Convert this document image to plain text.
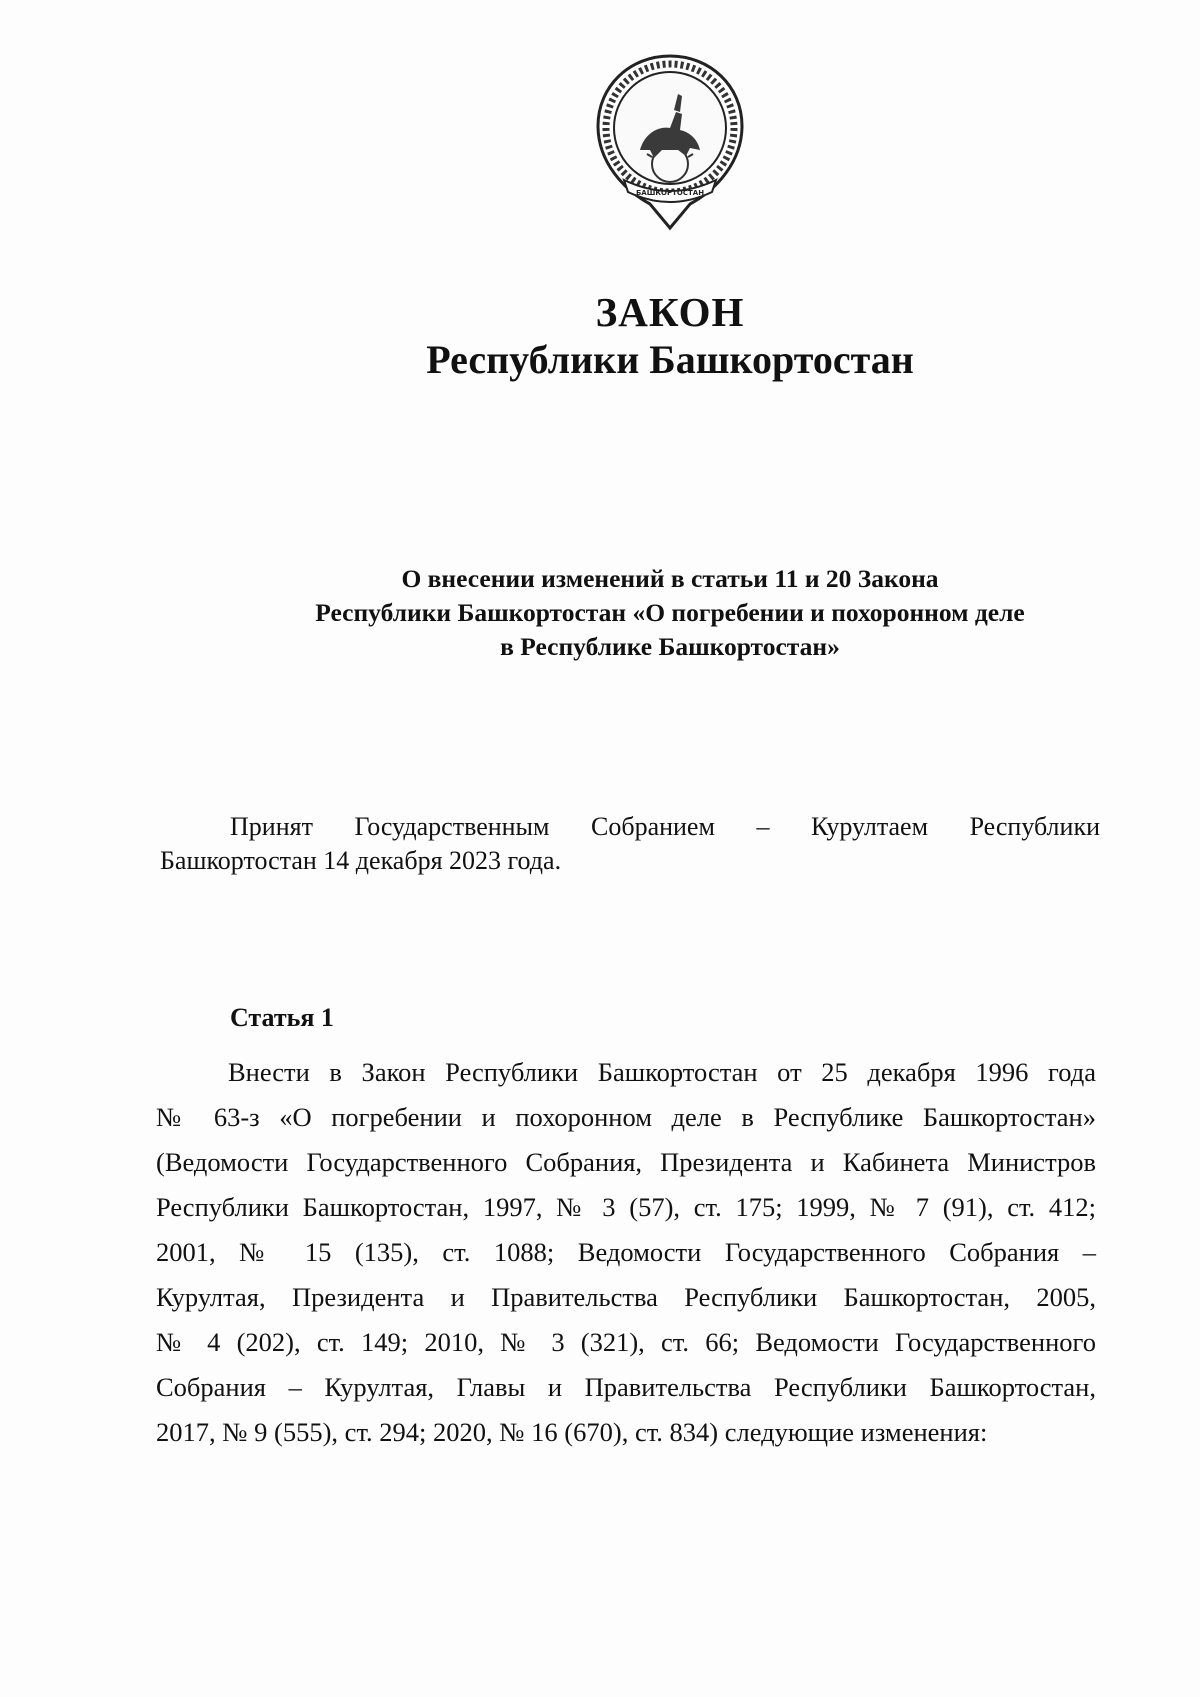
БАШКОРТОСТАН
ЗАКОН
Республики Башкортостан
О внесении изменений в статьи 11 и 20 Закона
Республики Башкортостан «О погребении и похоронном деле
в Республике Башкортостан»
Принят Государственным Собранием – Курултаем Республики
Башкортостан 14 декабря 2023 года.
Статья 1
Внести в Закон Республики Башкортостан от 25 декабря 1996 года
№ 63-з «О погребении и похоронном деле в Республике Башкортостан»
(Ведомости Государственного Собрания, Президента и Кабинета Министров
Республики Башкортостан, 1997, № 3 (57), ст. 175; 1999, № 7 (91), ст. 412;
2001, № 15 (135), ст. 1088; Ведомости Государственного Собрания –
Курултая, Президента и Правительства Республики Башкортостан, 2005,
№ 4 (202), ст. 149; 2010, № 3 (321), ст. 66; Ведомости Государственного
Собрания – Курултая, Главы и Правительства Республики Башкортостан,
2017, № 9 (555), ст. 294; 2020, № 16 (670), ст. 834) следующие изменения:
